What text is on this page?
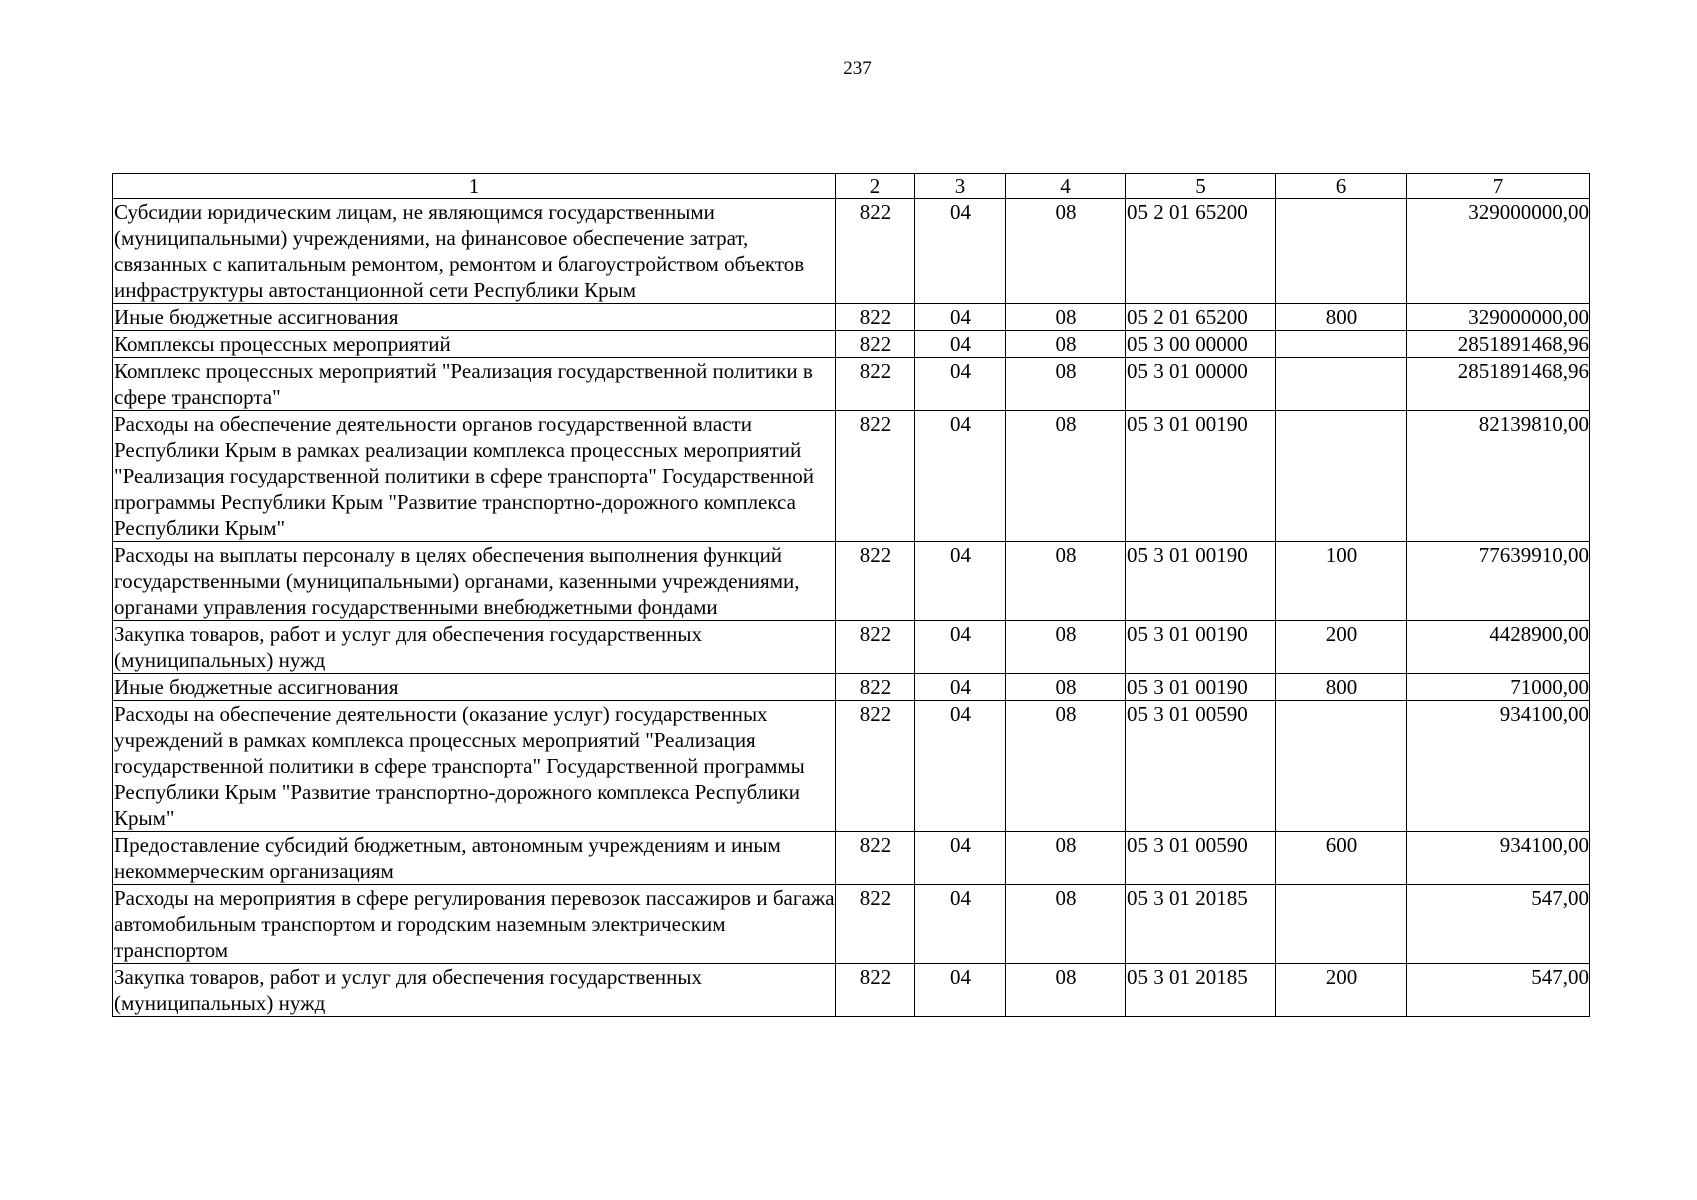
237
1	2	3	4	5	6	7
Субсидии юридическим лицам, не являющимся государственными (муниципальными) учреждениями, на финансовое обеспечение затрат, связанных с капитальным ремонтом, ремонтом и благоустройством объектов инфраструктуры автостанционной сети Республики Крым	822	04	08	05 2 01 65200		329000000,00
Иные бюджетные ассигнования	822	04	08	05 2 01 65200	800	329000000,00
Комплексы процессных мероприятий	822	04	08	05 3 00 00000		2851891468,96
Комплекс процессных мероприятий "Реализация государственной политики в сфере транспорта"	822	04	08	05 3 01 00000		2851891468,96
Расходы на обеспечение деятельности органов государственной власти Республики Крым в рамках реализации комплекса процессных мероприятий "Реализация государственной политики в сфере транспорта" Государственной программы Республики Крым "Развитие транспортно-дорожного комплекса Республики Крым"	822	04	08	05 3 01 00190		82139810,00
Расходы на выплаты персоналу в целях обеспечения выполнения функций государственными (муниципальными) органами, казенными учреждениями, органами управления государственными внебюджетными фондами	822	04	08	05 3 01 00190	100	77639910,00
Закупка товаров, работ и услуг для обеспечения государственных (муниципальных) нужд	822	04	08	05 3 01 00190	200	4428900,00
Иные бюджетные ассигнования	822	04	08	05 3 01 00190	800	71000,00
Расходы на обеспечение деятельности (оказание услуг) государственных учреждений в рамках комплекса процессных мероприятий "Реализация государственной политики в сфере транспорта" Государственной программы Республики Крым "Развитие транспортно-дорожного комплекса Республики Крым"	822	04	08	05 3 01 00590		934100,00
Предоставление субсидий бюджетным, автономным учреждениям и иным некоммерческим организациям	822	04	08	05 3 01 00590	600	934100,00
Расходы на мероприятия в сфере регулирования перевозок пассажиров и багажа автомобильным транспортом и городским наземным электрическим транспортом	822	04	08	05 3 01 20185		547,00
Закупка товаров, работ и услуг для обеспечения государственных (муниципальных) нужд	822	04	08	05 3 01 20185	200	547,00
